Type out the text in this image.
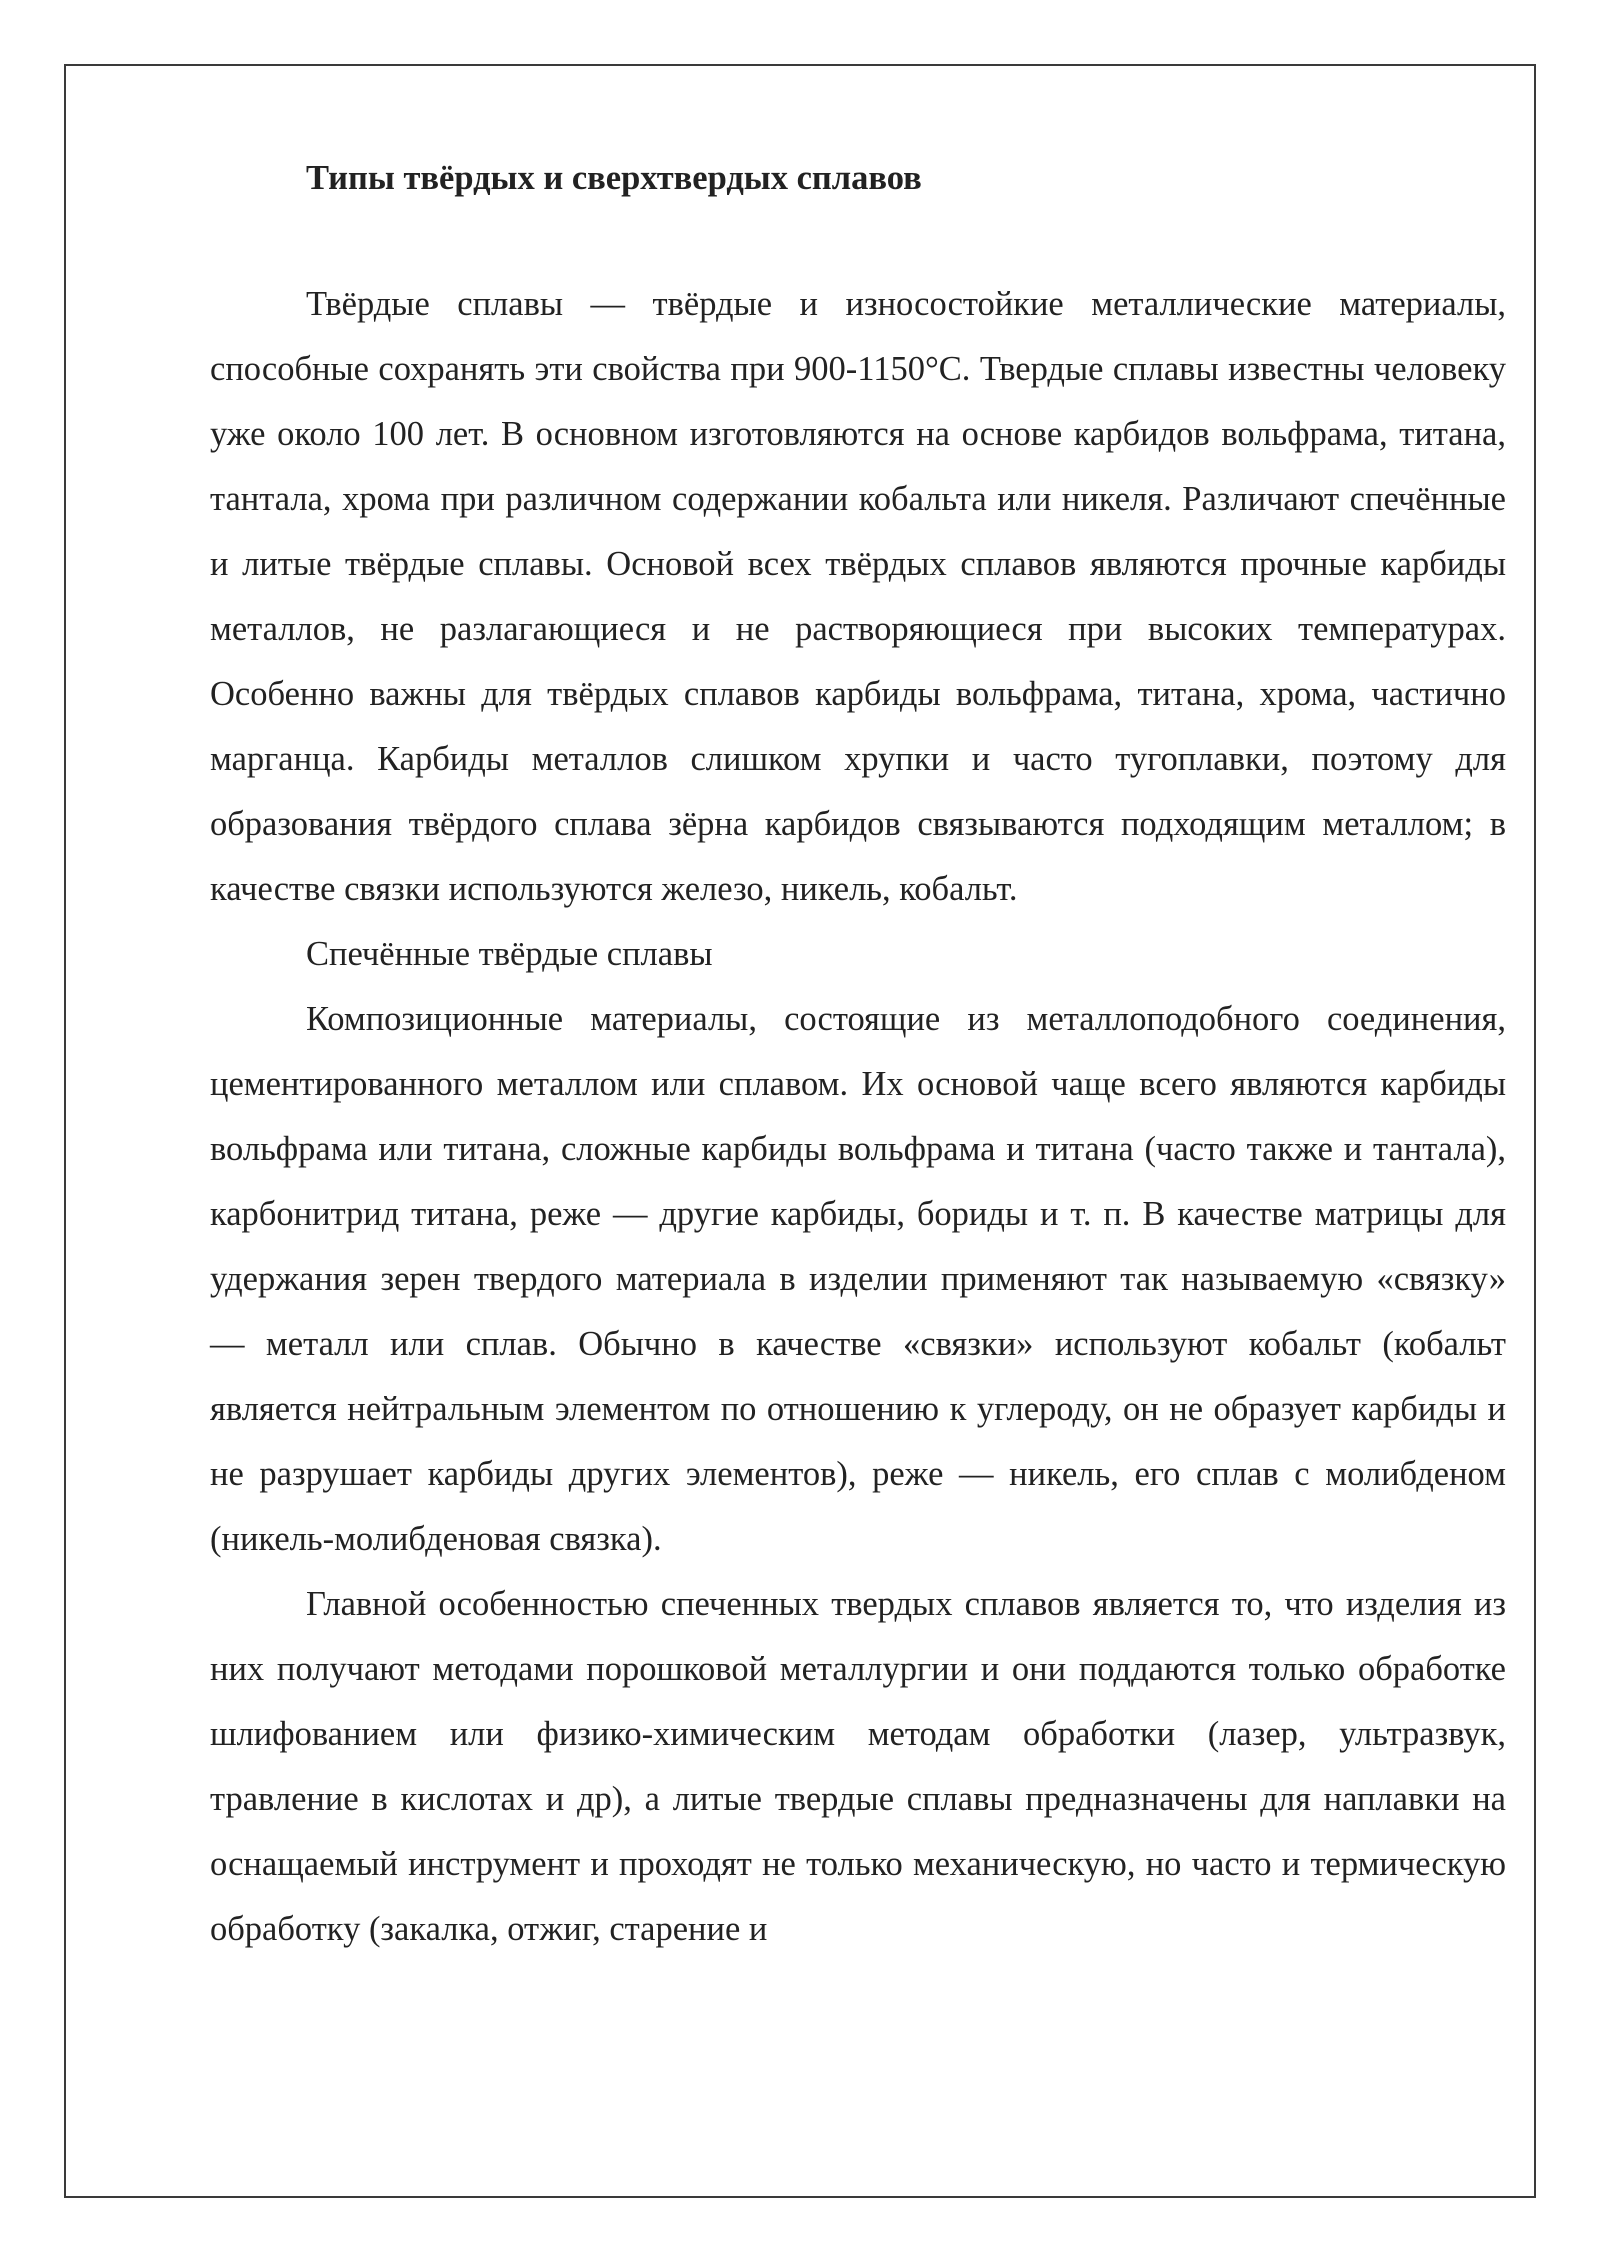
Типы твёрдых и сверхтвердых сплавов

Твёрдые сплавы — твёрдые и износостойкие металлические материалы, способные сохранять эти свойства при 900-1150°С. Твердые сплавы известны человеку уже около 100 лет. В основном изготовляются на основе карбидов вольфрама, титана, тантала, хрома при различном содержании кобальта или никеля. Различают спечённые и литые твёрдые сплавы. Основой всех твёрдых сплавов являются прочные карбиды металлов, не разлагающиеся и не растворяющиеся при высоких температурах. Особенно важны для твёрдых сплавов карбиды вольфрама, титана, хрома, частично марганца. Карбиды металлов слишком хрупки и часто тугоплавки, поэтому для образования твёрдого сплава зёрна карбидов связываются подходящим металлом; в качестве связки используются железо, никель, кобальт.

Спечённые твёрдые сплавы

Композиционные материалы, состоящие из металлоподобного соединения, цементированного металлом или сплавом. Их основой чаще всего являются карбиды вольфрама или титана, сложные карбиды вольфрама и титана (часто также и тантала), карбонитрид титана, реже — другие карбиды, бориды и т. п. В качестве матрицы для удержания зерен твердого материала в изделии применяют так называемую «связку» — металл или сплав. Обычно в качестве «связки» используют кобальт (кобальт является нейтральным элементом по отношению к углероду, он не образует карбиды и не разрушает карбиды других элементов), реже — никель, его сплав с молибденом (никель-молибденовая связка).

Главной особенностью спеченных твердых сплавов является то, что изделия из них получают методами порошковой металлургии и они поддаются только обработке шлифованием или физико-химическим методам обработки (лазер, ультразвук, травление в кислотах и др), а литые твердые сплавы предназначены для наплавки на оснащаемый инструмент и проходят не только механическую, но часто и термическую обработку (закалка, отжиг, старение и
